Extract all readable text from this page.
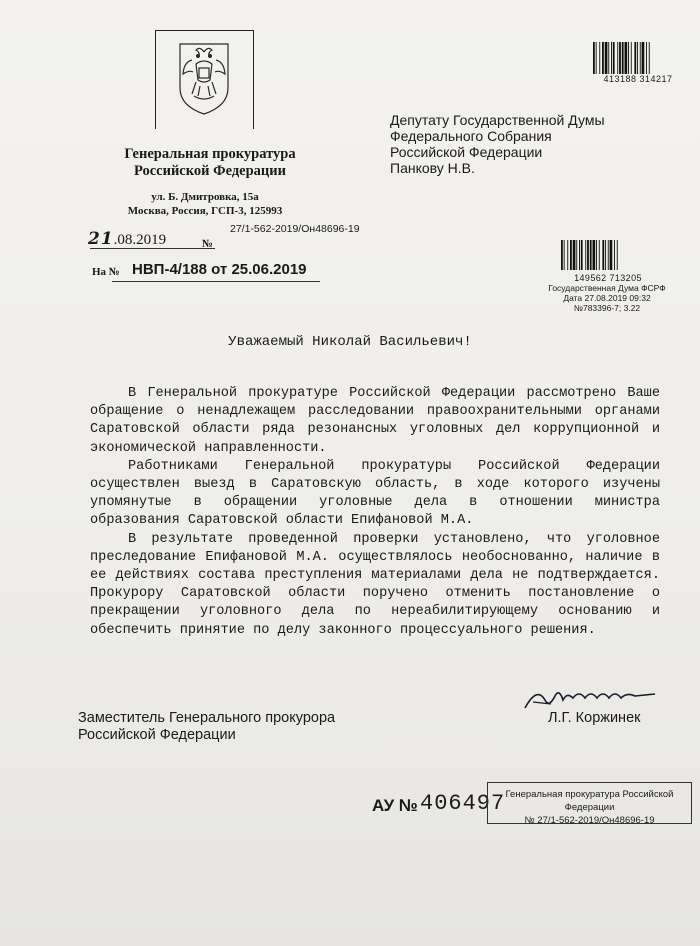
Генеральная прокуратура
Российской Федерации
ул. Б. Дмитровка, 15а
Москва, Россия, ГСП-3, 125993
21.08.2019	№
27/1-562-2019/Он48696-19
На № НВП-4/188 от 25.06.2019
Депутату Государственной Думы
Федерального Собрания
Российской Федерации
Панкову Н.В.
413188 314217
149562 713205
Государственная Дума ФСРФ
Дата 27.08.2019 09:32
№783396-7; 3.22
Уважаемый Николай Васильевич!

В Генеральной прокуратуре Российской Федерации рассмотрено Ваше обращение о ненадлежащем расследовании правоохранительными органами Саратовской области ряда резонансных уголовных дел коррупционной и экономической направленности.

Работниками Генеральной прокуратуры Российской Федерации осуществлен выезд в Саратовскую область, в ходе которого изучены упомянутые в обращении уголовные дела в отношении министра образования Саратовской области Епифановой М.А.

В результате проведенной проверки установлено, что уголовное преследование Епифановой М.А. осуществлялось необоснованно, наличие в ее действиях состава преступления материалами дела не подтверждается. Прокурору Саратовской области поручено отменить постановление о прекращении уголовного дела по нереабилитирующему основанию и обеспечить принятие по делу законного процессуального решения.

Заместитель Генерального прокурора
Российской Федерации
Л.Г. Коржинек
АУ № 406497 Генеральная прокуратура Российской Федерации
№ 27/1-562-2019/Он48696-19
